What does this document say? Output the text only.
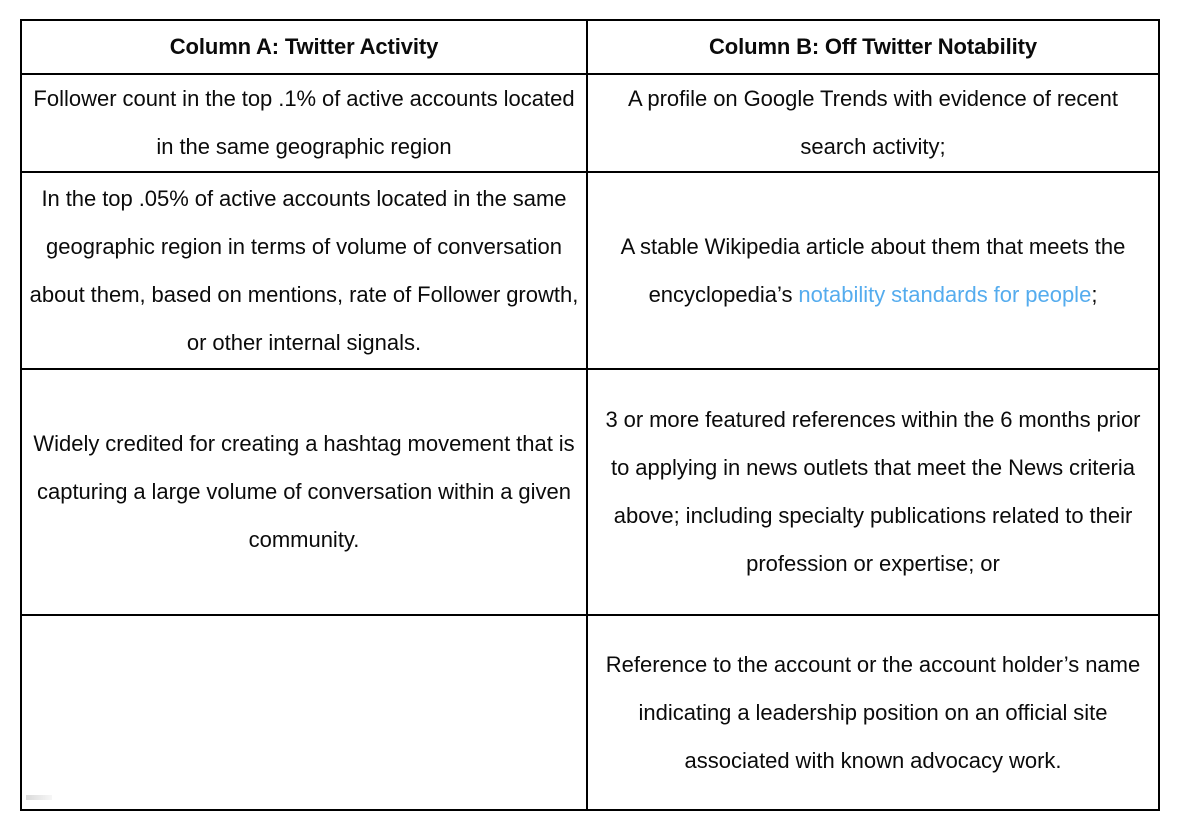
Column A: Twitter Activity	Column B: Off Twitter Notability

Follower count in the top .1% of active accounts located in the same geographic region	A profile on Google Trends with evidence of recent search activity;

In the top .05% of active accounts located in the same geographic region in terms of volume of conversation about them, based on mentions, rate of Follower growth, or other internal signals.	A stable Wikipedia article about them that meets the encyclopedia’s notability standards for people;

Widely credited for creating a hashtag movement that is capturing a large volume of conversation within a given community.	3 or more featured references within the 6 months prior to applying in news outlets that meet the News criteria above; including specialty publications related to their profession or expertise; or

	Reference to the account or the account holder’s name indicating a leadership position on an official site associated with known advocacy work.
